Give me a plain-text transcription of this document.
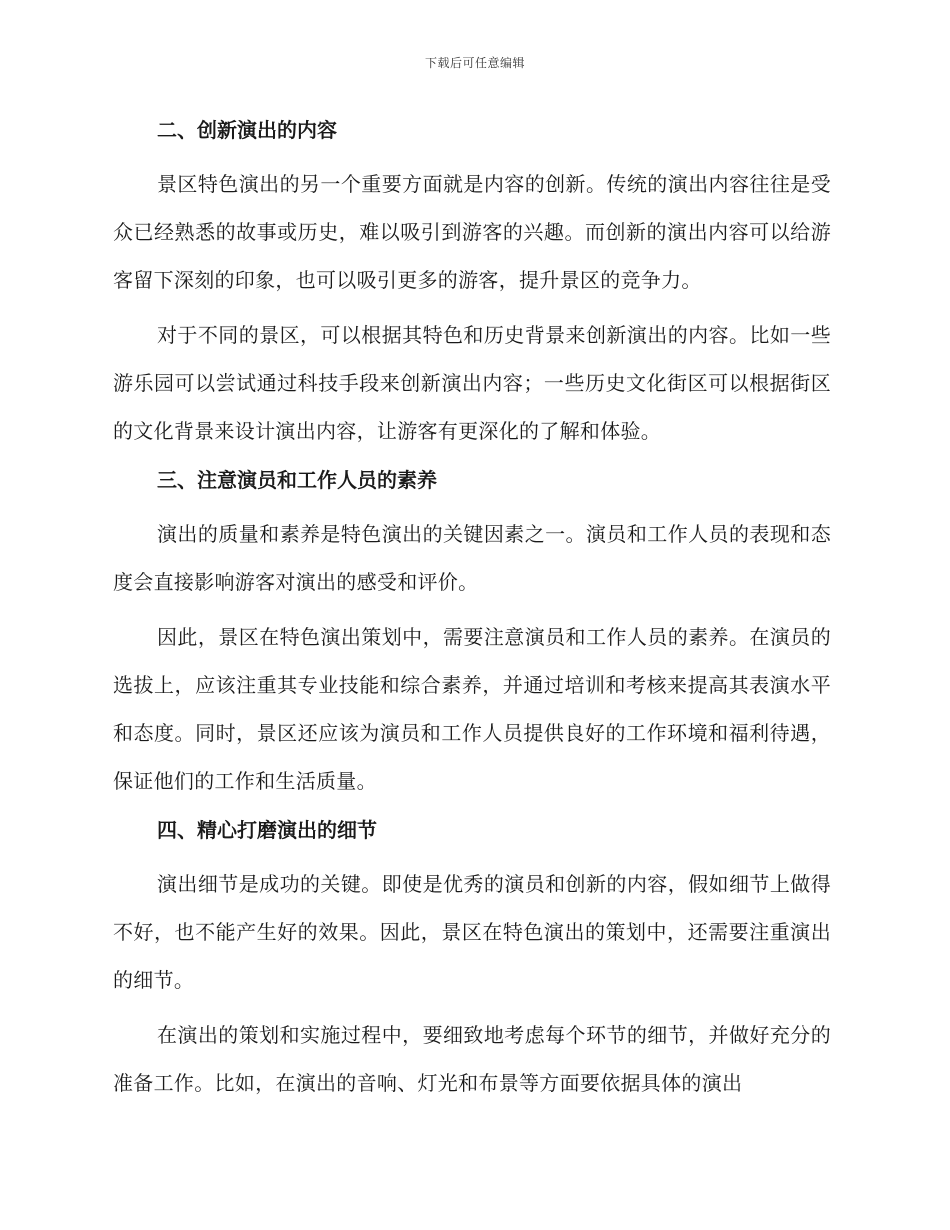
下载后可任意编辑
二、创新演出的内容

景区特色演出的另一个重要方面就是内容的创新。传统的演出内容往往是受众已经熟悉的故事或历史，难以吸引到游客的兴趣。而创新的演出内容可以给游客留下深刻的印象，也可以吸引更多的游客，提升景区的竞争力。

对于不同的景区，可以根据其特色和历史背景来创新演出的内容。比如一些游乐园可以尝试通过科技手段来创新演出内容；一些历史文化街区可以根据街区的文化背景来设计演出内容，让游客有更深化的了解和体验。

三、注意演员和工作人员的素养

演出的质量和素养是特色演出的关键因素之一。演员和工作人员的表现和态度会直接影响游客对演出的感受和评价。

因此，景区在特色演出策划中，需要注意演员和工作人员的素养。在演员的选拔上，应该注重其专业技能和综合素养，并通过培训和考核来提高其表演水平和态度。同时，景区还应该为演员和工作人员提供良好的工作环境和福利待遇，保证他们的工作和生活质量。

四、精心打磨演出的细节

演出细节是成功的关键。即使是优秀的演员和创新的内容，假如细节上做得不好，也不能产生好的效果。因此，景区在特色演出的策划中，还需要注重演出的细节。

在演出的策划和实施过程中，要细致地考虑每个环节的细节，并做好充分的准备工作。比如，在演出的音响、灯光和布景等方面要依据具体的演出
